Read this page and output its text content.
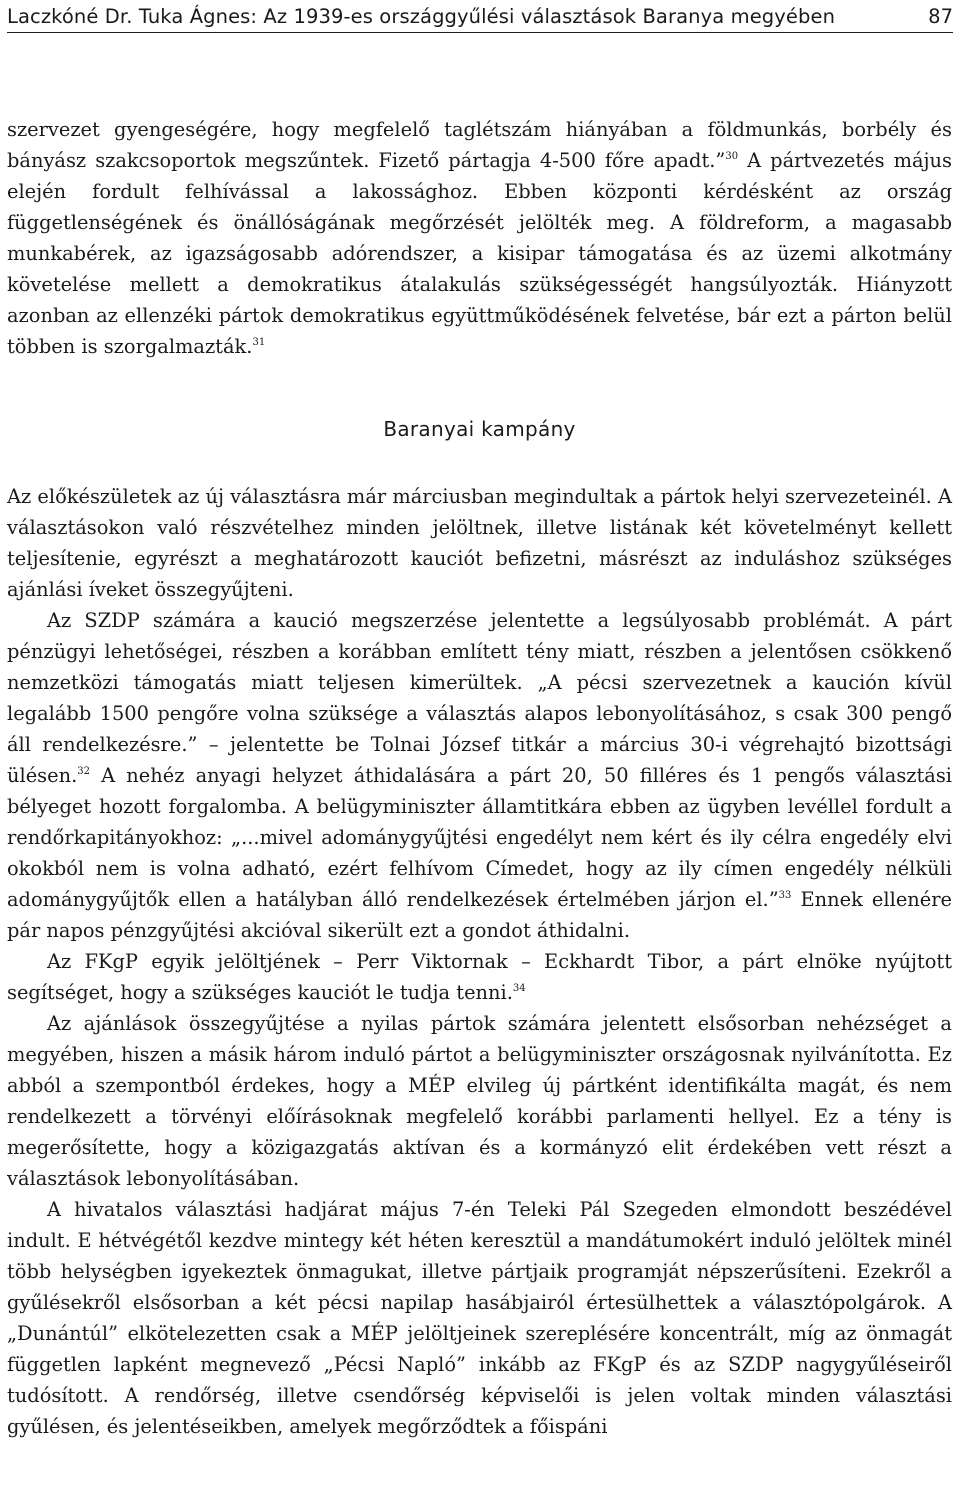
Laczkóné Dr. Tuka Ágnes: Az 1939-es országgyűlési választások Baranya megyében	87

szervezet gyengeségére, hogy megfelelő taglétszám hiányában a földmunkás, borbély és bányász szakcsoportok megszűntek. Fizető pártagja 4-500 főre apadt.”$^{30}$ A pártvezetés május elején fordult felhívással a lakossághoz. Ebben központi kérdésként az ország függetlenségének és önállóságának megőrzését jelölték meg. A földreform, a magasabb munkabérek, az igazságosabb adórendszer, a kisipar támogatása és az üzemi alkotmány követelése mellett a demokratikus átalakulás szükségességét hangsúlyozták. Hiányzott azonban az ellenzéki pártok demokratikus együttműködésének felvetése, bár ezt a párton belül többen is szorgalmazták.$^{31}$

Baranyai kampány

Az előkészületek az új választásra már márciusban megindultak a pártok helyi szervezeteinél. A választásokon való részvételhez minden jelöltnek, illetve listának két követelményt kellett teljesítenie, egyrészt a meghatározott kauciót befizetni, másrészt az induláshoz szükséges ajánlási íveket összegyűjteni.

Az SZDP számára a kaució megszerzése jelentette a legsúlyosabb problémát. A párt pénzügyi lehetőségei, részben a korábban említett tény miatt, részben a jelentősen csökkenő nemzetközi támogatás miatt teljesen kimerültek. „A pécsi szervezetnek a kaución kívül legalább 1500 pengőre volna szüksége a választás alapos lebonyolításához, s csak 300 pengő áll rendelkezésre.” – jelentette be Tolnai József titkár a március 30-i végrehajtó bizottsági ülésen.$^{32}$ A nehéz anyagi helyzet áthidalására a párt 20, 50 filléres és 1 pengős választási bélyeget hozott forgalomba. A belügyminiszter államtitkára ebben az ügyben levéllel fordult a rendőrkapitányokhoz: „...mivel adománygyűjtési engedélyt nem kért és ily célra engedély elvi okokból nem is volna adható, ezért felhívom Címedet, hogy az ily címen engedély nélküli adománygyűjtők ellen a hatályban álló rendelkezések értelmében járjon el.”$^{33}$ Ennek ellenére pár napos pénzgyűjtési akcióval sikerült ezt a gondot áthidalni.

Az FKgP egyik jelöltjének – Perr Viktornak – Eckhardt Tibor, a párt elnöke nyújtott segítséget, hogy a szükséges kauciót le tudja tenni.$^{34}$

Az ajánlások összegyűjtése a nyilas pártok számára jelentett elsősorban nehézséget a megyében, hiszen a másik három induló pártot a belügyminiszter országosnak nyilvánította. Ez abból a szempontból érdekes, hogy a MÉP elvileg új pártként identifikálta magát, és nem rendelkezett a törvényi előírásoknak megfelelő korábbi parlamenti hellyel. Ez a tény is megerősítette, hogy a közigazgatás aktívan és a kormányzó elit érdekében vett részt a választások lebonyolításában.

A hivatalos választási hadjárat május 7-én Teleki Pál Szegeden elmondott beszédével indult. E hétvégétől kezdve mintegy két héten keresztül a mandátumokért induló jelöltek minél több helységben igyekeztek önmagukat, illetve pártjaik programját népszerűsíteni. Ezekről a gyűlésekről elsősorban a két pécsi napilap hasábjairól értesülhettek a választópolgárok. A „Dunántúl” elkötelezetten csak a MÉP jelöltjeinek szereplésére koncentrált, míg az önmagát független lapként megnevező „Pécsi Napló” inkább az FKgP és az SZDP nagygyűléseiről tudósított. A rendőrség, illetve csendőrség képviselői is jelen voltak minden választási gyűlésen, és jelentéseikben, amelyek megőrződtek a főispáni
